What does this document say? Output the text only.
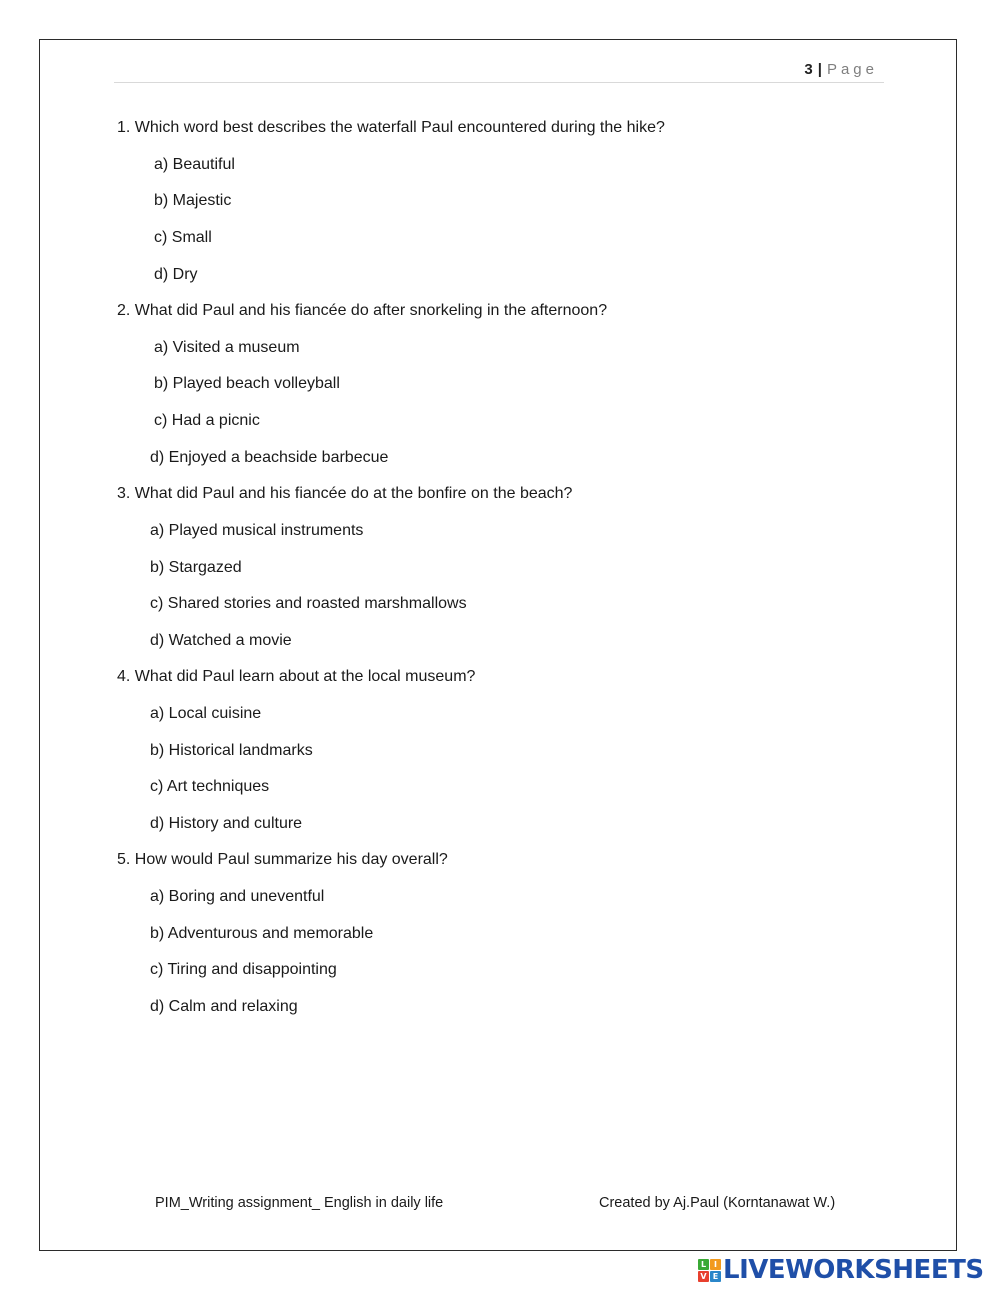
3 | Page
1. Which word best describes the waterfall Paul encountered during the hike?
a) Beautiful
b) Majestic
c) Small
d) Dry
2. What did Paul and his fiancée do after snorkeling in the afternoon?
a) Visited a museum
b) Played beach volleyball
c) Had a picnic
d) Enjoyed a beachside barbecue
3. What did Paul and his fiancée do at the bonfire on the beach?
a) Played musical instruments
b) Stargazed
c) Shared stories and roasted marshmallows
d) Watched a movie
4. What did Paul learn about at the local museum?
a) Local cuisine
b) Historical landmarks
c) Art techniques
d) History and culture
5. How would Paul summarize his day overall?
a) Boring and uneventful
b) Adventurous and memorable
c) Tiring and disappointing
d) Calm and relaxing
PIM_Writing assignment_ English in daily life	Created by Aj.Paul (Korntanawat W.)
L I
V E LIVEWORKSHEETS
